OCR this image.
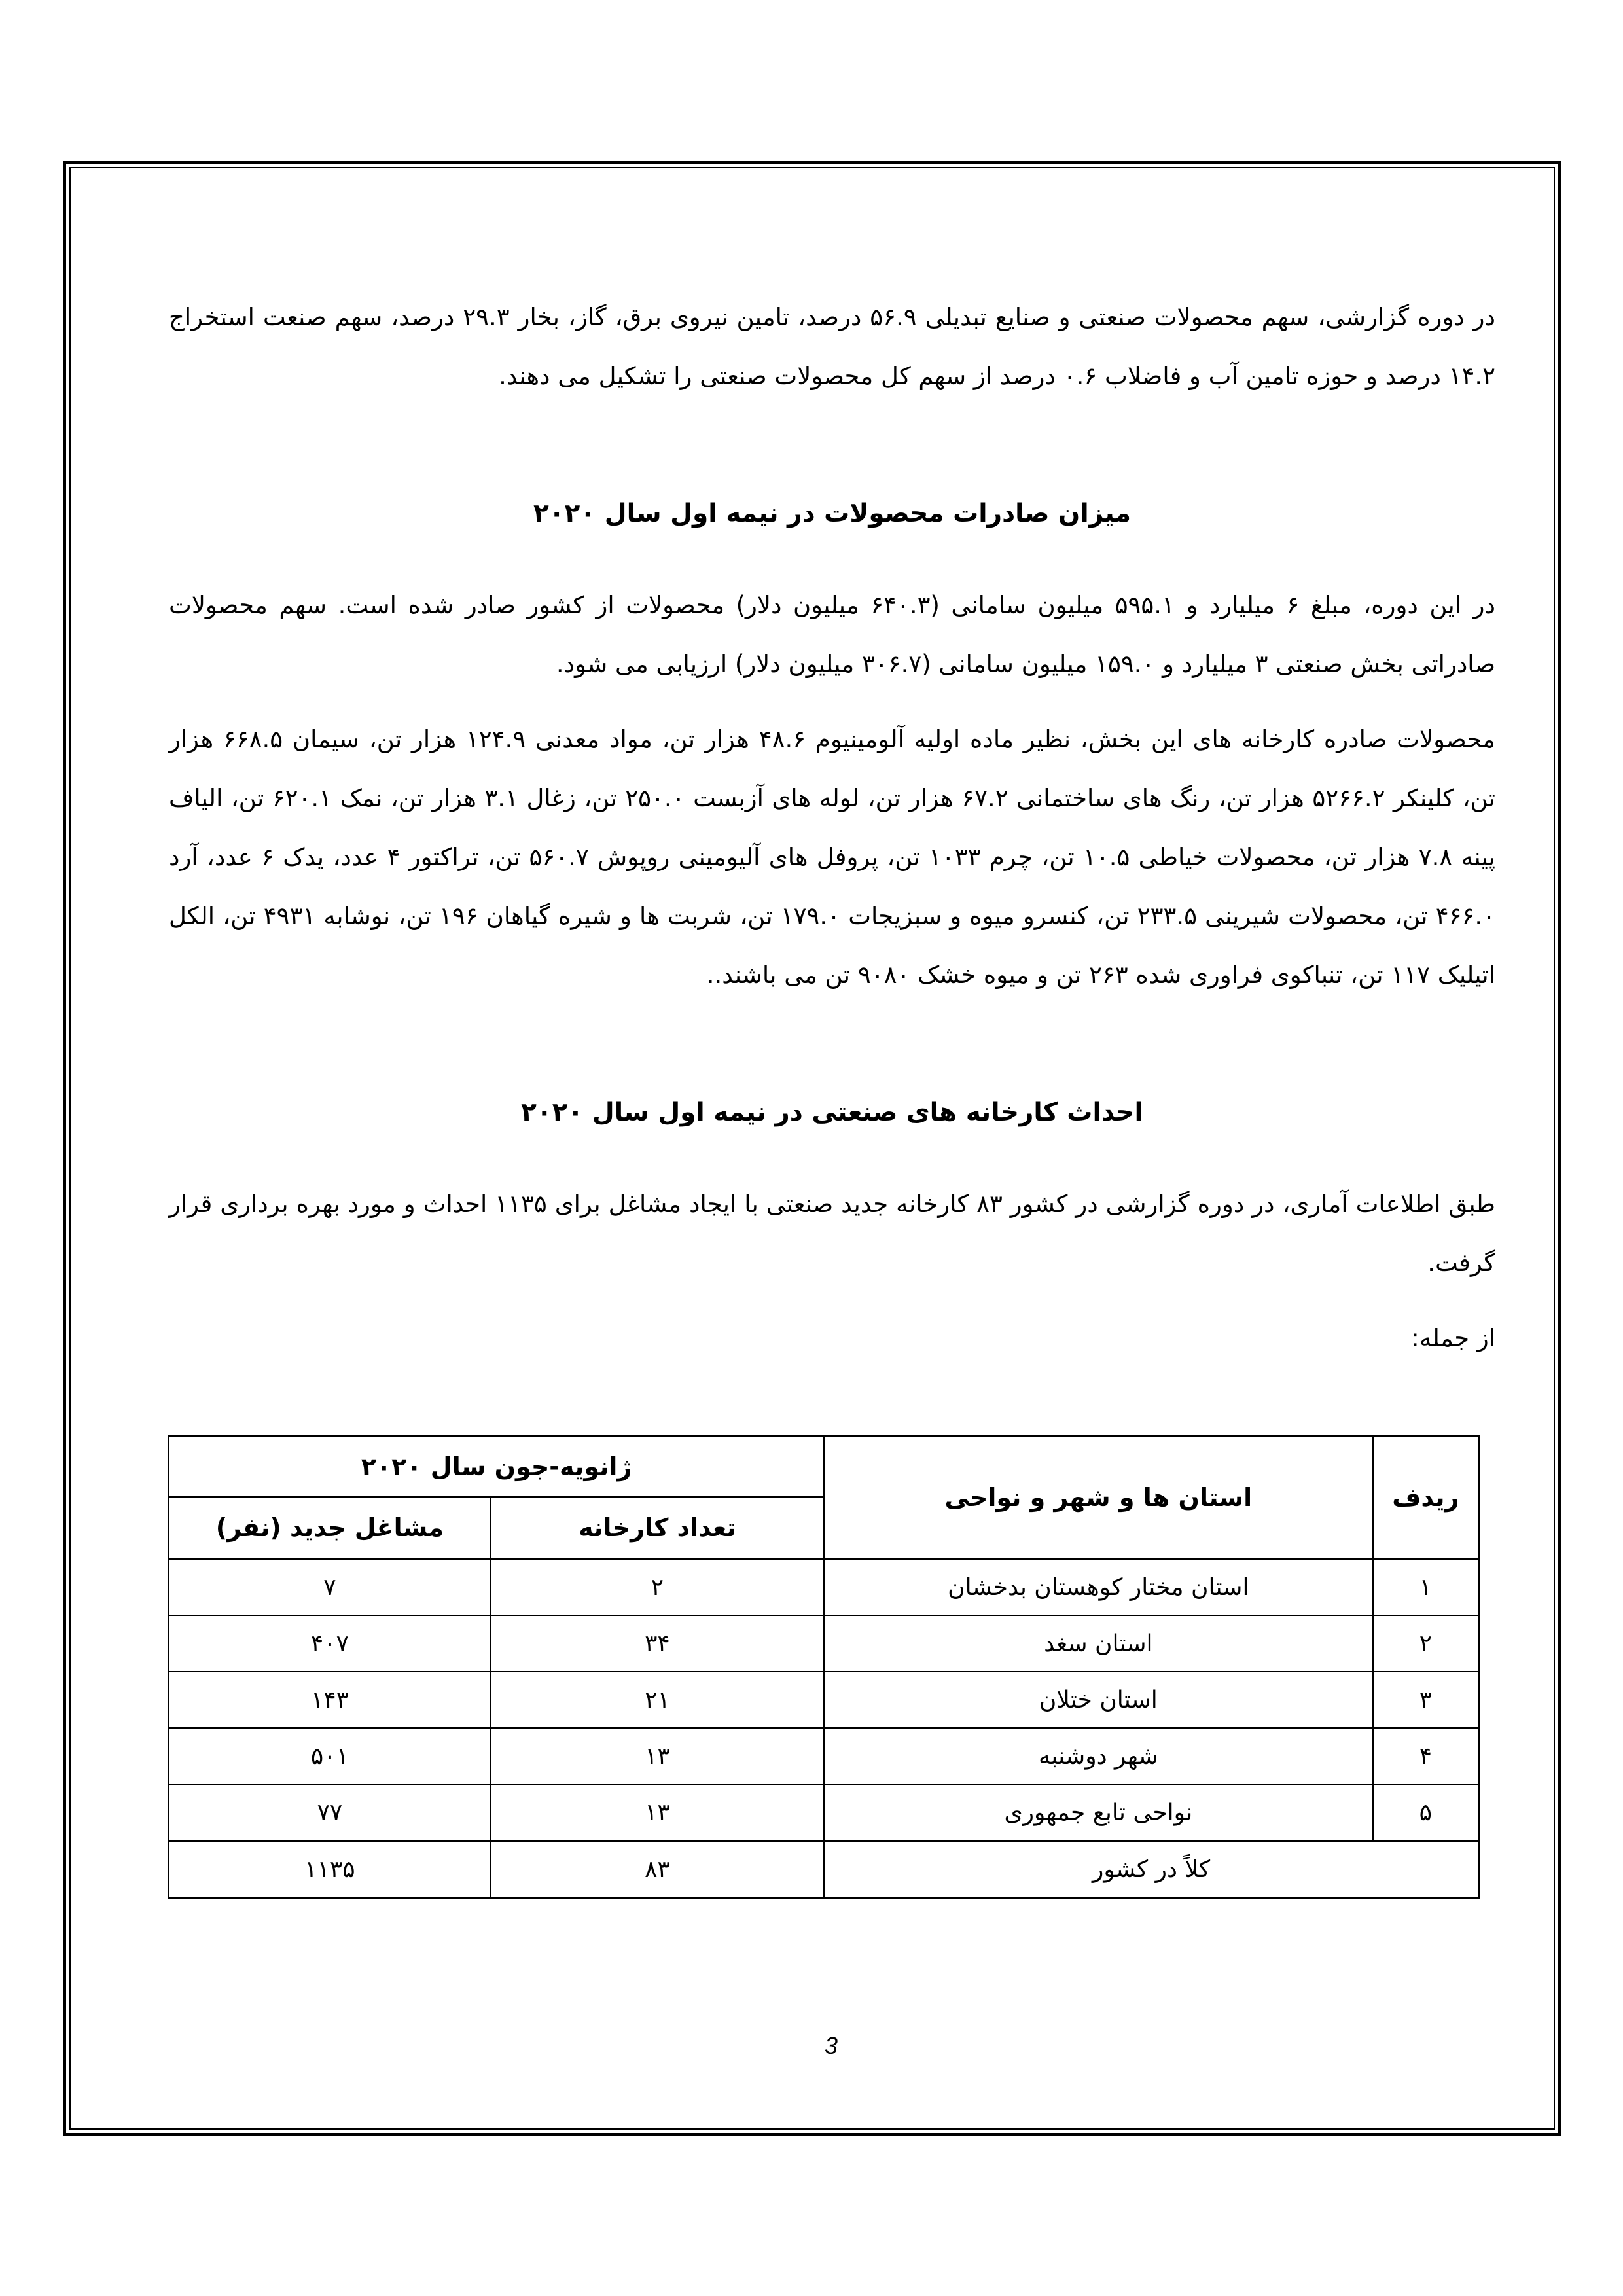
در دوره گزارشی، سهم محصولات صنعتی و صنایع تبدیلی ۵۶.۹ درصد، تامین نیروی برق، گاز، بخار ۲۹.۳ درصد، سهم صنعت استخراج ۱۴.۲ درصد و حوزه تامین آب و فاضلاب ۰.۶ درصد از سهم کل محصولات صنعتی را تشکیل می دهند.

میزان صادرات محصولات در نیمه اول سال ۲۰۲۰

در این دوره، مبلغ ۶ میلیارد و ۵۹۵.۱ میلیون سامانی (۶۴۰.۳ میلیون دلار) محصولات از کشور صادر شده است. سهم محصولات صادراتی بخش صنعتی ۳ میلیارد و ۱۵۹.۰ میلیون سامانی (۳۰۶.۷ میلیون دلار) ارزیابی می شود.

محصولات صادره کارخانه های این بخش، نظیر ماده اولیه آلومینیوم ۴۸.۶ هزار تن، مواد معدنی ۱۲۴.۹ هزار تن، سیمان ۶۶۸.۵ هزار تن، کلینکر ۵۲۶۶.۲ هزار تن، رنگ های ساختمانی ۶۷.۲ هزار تن، لوله های آزبست ۲۵۰.۰ تن، زغال ۳.۱ هزار تن، نمک ۶۲۰.۱ تن، الیاف پینه ۷.۸ هزار تن، محصولات خیاطی ۱۰.۵ تن، چرم ۱۰۳۳ تن، پروفل های آلیومینی روپوش ۵۶۰.۷ تن، تراکتور ۴ عدد، یدک ۶ عدد، آرد ۴۶۶.۰ تن، محصولات شیرینی ۲۳۳.۵ تن، کنسرو میوه و سبزیجات ۱۷۹.۰ تن، شربت ها و شیره گیاهان ۱۹۶ تن، نوشابه ۴۹۳۱ تن، الکل اتیلیک ۱۱۷ تن، تنباکوی فراوری شده ۲۶۳ تن و میوه خشک ۹۰۸۰ تن می باشند..

احداث کارخانه های صنعتی در نیمه اول سال ۲۰۲۰

طبق اطلاعات آماری، در دوره گزارشی در کشور ۸۳ کارخانه جدید صنعتی با ایجاد مشاغل برای ۱۱۳۵ احداث و مورد بهره برداری قرار گرفت.

از جمله:

ریدف	استان ها و شهر و نواحی	ژانویه-جون سال ۲۰۲۰	
		تعداد کارخانه	مشاغل جدید (نفر)
۱	استان مختار کوهستان بدخشان	۲	۷
۲	استان سغد	۳۴	۴۰۷
۳	استان ختلان	۲۱	۱۴۳
۴	شهر دوشنبه	۱۳	۵۰۱
۵	نواحی تابع جمهوری	۱۳	۷۷
کلاً در کشور		۸۳	۱۱۳۵
3
